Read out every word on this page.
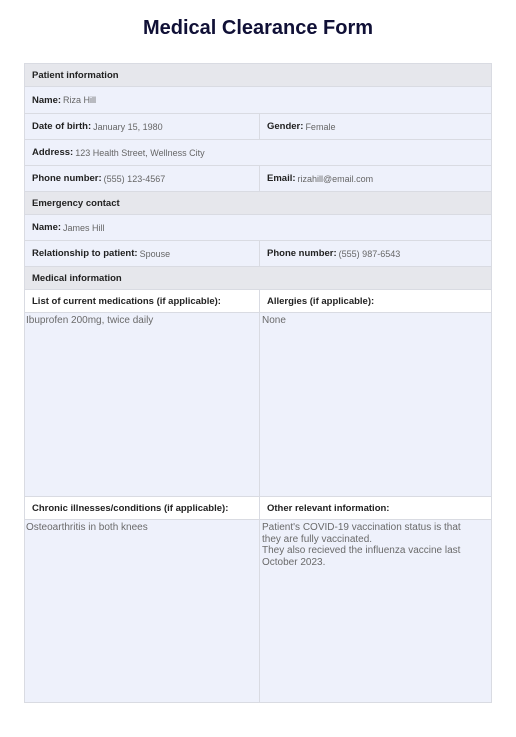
Medical Clearance Form
Patient information
Name: Riza Hill
Date of birth: January 15, 1980	Gender: Female
Address: 123 Health Street, Wellness City
Phone number: (555) 123-4567	Email: rizahill@email.com
Emergency contact
Name: James Hill
Relationship to patient: Spouse	Phone number: (555) 987-6543
Medical information
List of current medications (if applicable):	Allergies (if applicable):
Ibuprofen 200mg, twice daily	None
Chronic illnesses/conditions (if applicable):	Other relevant information:
Osteoarthritis in both knees	Patient's COVID-19 vaccination status is that
they are fully vaccinated.
They also recieved the influenza vaccine last
October 2023.
